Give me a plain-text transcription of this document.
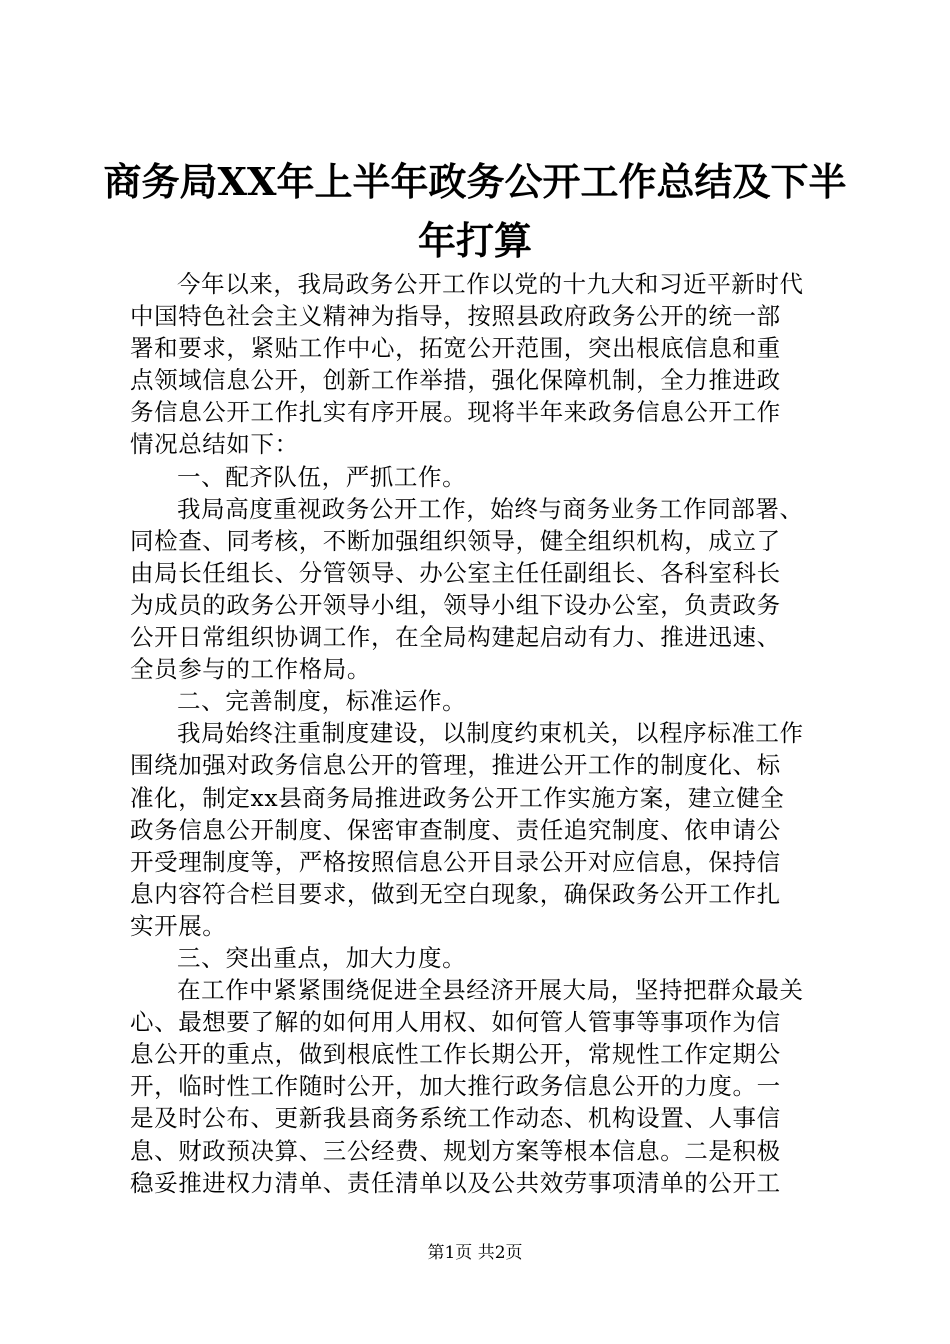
商务局XX年上半年政务公开工作总结及下半
年打算
今年以来，我局政务公开工作以党的十九大和习近平新时代
中国特色社会主义精神为指导，按照县政府政务公开的统一部
署和要求，紧贴工作中心，拓宽公开范围，突出根底信息和重
点领域信息公开，创新工作举措，强化保障机制，全力推进政
务信息公开工作扎实有序开展。现将半年来政务信息公开工作
情况总结如下：
一、配齐队伍，严抓工作。
我局高度重视政务公开工作，始终与商务业务工作同部署、
同检查、同考核，不断加强组织领导，健全组织机构，成立了
由局长任组长、分管领导、办公室主任任副组长、各科室科长
为成员的政务公开领导小组，领导小组下设办公室，负责政务
公开日常组织协调工作，在全局构建起启动有力、推进迅速、
全员参与的工作格局。
二、完善制度，标准运作。
我局始终注重制度建设，以制度约束机关，以程序标准工作
围绕加强对政务信息公开的管理，推进公开工作的制度化、标
准化，制定xx县商务局推进政务公开工作实施方案，建立健全
政务信息公开制度、保密审查制度、责任追究制度、依申请公
开受理制度等，严格按照信息公开目录公开对应信息，保持信
息内容符合栏目要求，做到无空白现象，确保政务公开工作扎
实开展。
三、突出重点，加大力度。
在工作中紧紧围绕促进全县经济开展大局，坚持把群众最关
心、最想要了解的如何用人用权、如何管人管事等事项作为信
息公开的重点，做到根底性工作长期公开，常规性工作定期公
开，临时性工作随时公开，加大推行政务信息公开的力度。一
是及时公布、更新我县商务系统工作动态、机构设置、人事信
息、财政预决算、三公经费、规划方案等根本信息。二是积极
稳妥推进权力清单、责任清单以及公共效劳事项清单的公开工
第1页 共2页
